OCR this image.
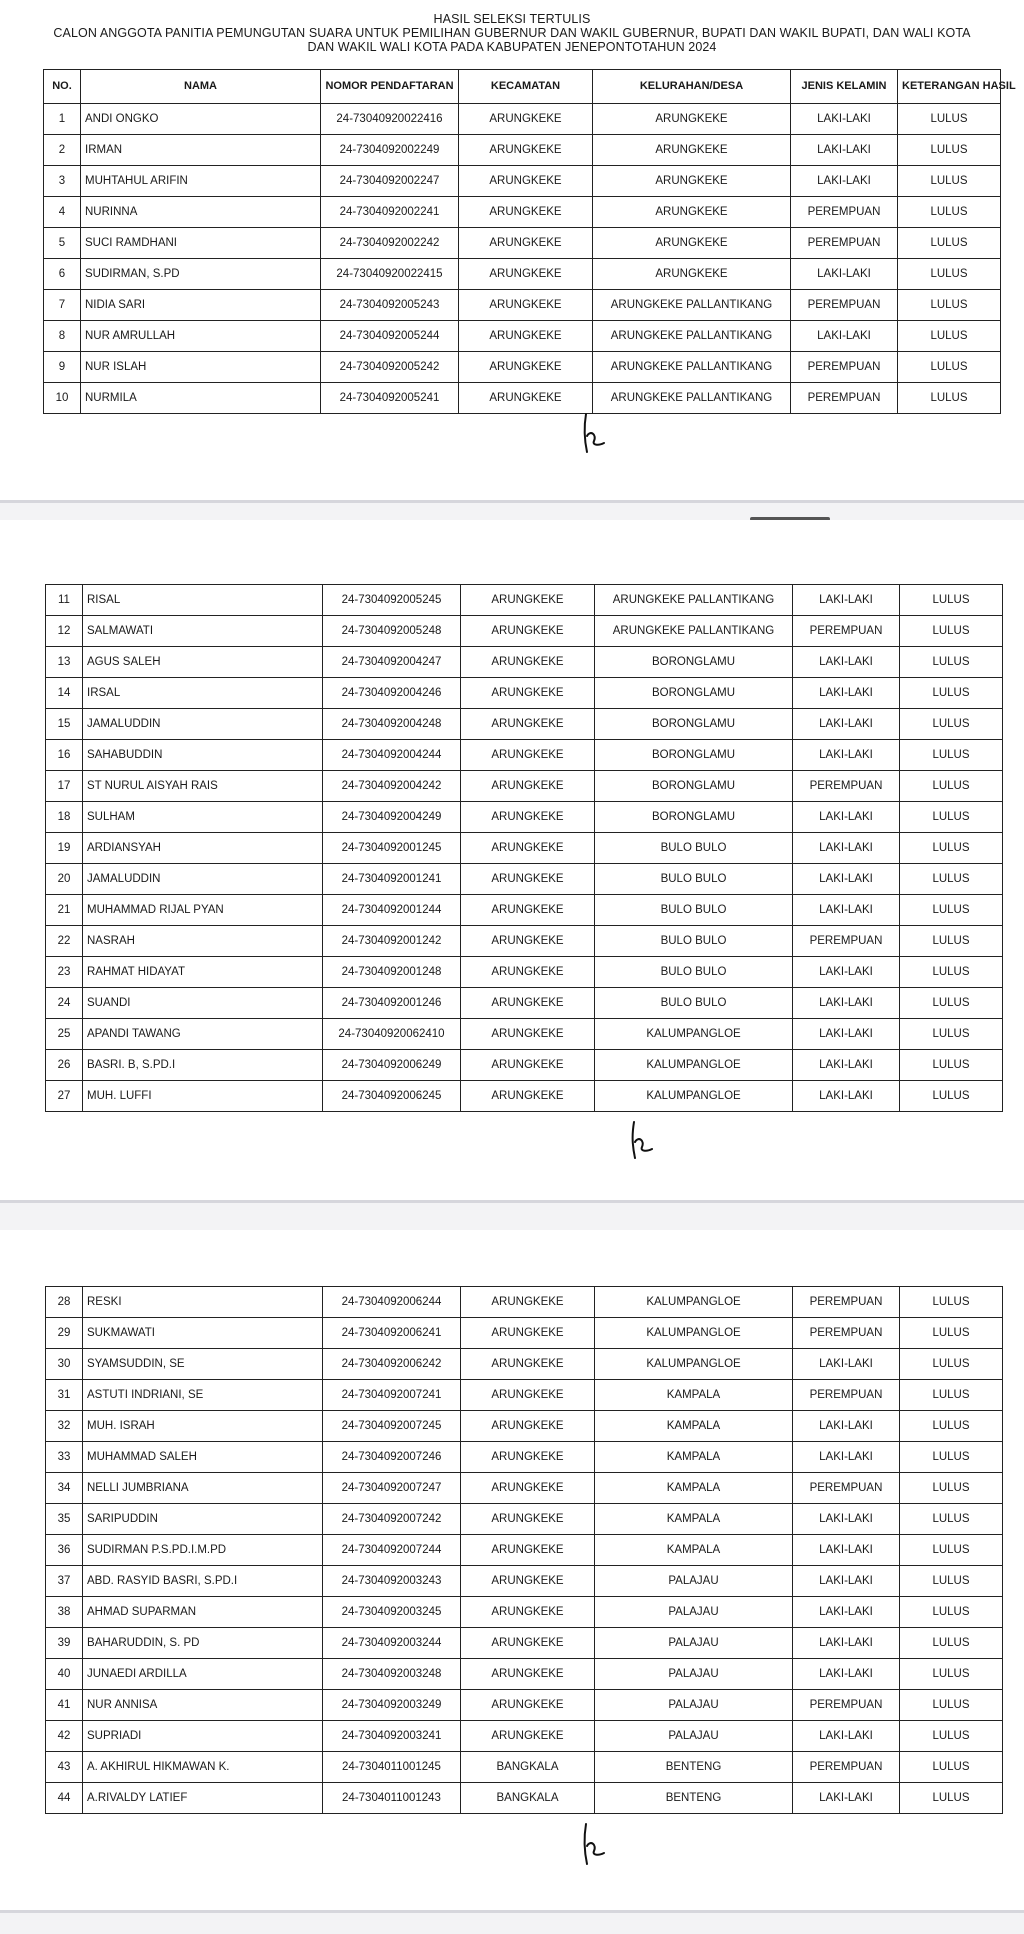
HASIL SELEKSI TERTULIS
CALON ANGGOTA PANITIA PEMUNGUTAN SUARA UNTUK PEMILIHAN GUBERNUR DAN WAKIL GUBERNUR, BUPATI DAN WAKIL BUPATI, DAN WALI KOTA
DAN WAKIL WALI KOTA PADA KABUPATEN JENEPONTOTAHUN 2024
NO.	NAMA	NOMOR PENDAFTARAN	KECAMATAN	KELURAHAN/DESA	JENIS KELAMIN	KETERANGAN HASIL
1	ANDI ONGKO	24-73040920022416	ARUNGKEKE	ARUNGKEKE	LAKI-LAKI	LULUS
2	IRMAN	24-7304092002249	ARUNGKEKE	ARUNGKEKE	LAKI-LAKI	LULUS
3	MUHTAHUL ARIFIN	24-7304092002247	ARUNGKEKE	ARUNGKEKE	LAKI-LAKI	LULUS
4	NURINNA	24-7304092002241	ARUNGKEKE	ARUNGKEKE	PEREMPUAN	LULUS
5	SUCI RAMDHANI	24-7304092002242	ARUNGKEKE	ARUNGKEKE	PEREMPUAN	LULUS
6	SUDIRMAN, S.PD	24-73040920022415	ARUNGKEKE	ARUNGKEKE	LAKI-LAKI	LULUS
7	NIDIA SARI	24-7304092005243	ARUNGKEKE	ARUNGKEKE PALLANTIKANG	PEREMPUAN	LULUS
8	NUR AMRULLAH	24-7304092005244	ARUNGKEKE	ARUNGKEKE PALLANTIKANG	LAKI-LAKI	LULUS
9	NUR ISLAH	24-7304092005242	ARUNGKEKE	ARUNGKEKE PALLANTIKANG	PEREMPUAN	LULUS
10	NURMILA	24-7304092005241	ARUNGKEKE	ARUNGKEKE PALLANTIKANG	PEREMPUAN	LULUS
11	RISAL	24-7304092005245	ARUNGKEKE	ARUNGKEKE PALLANTIKANG	LAKI-LAKI	LULUS
12	SALMAWATI	24-7304092005248	ARUNGKEKE	ARUNGKEKE PALLANTIKANG	PEREMPUAN	LULUS
13	AGUS SALEH	24-7304092004247	ARUNGKEKE	BORONGLAMU	LAKI-LAKI	LULUS
14	IRSAL	24-7304092004246	ARUNGKEKE	BORONGLAMU	LAKI-LAKI	LULUS
15	JAMALUDDIN	24-7304092004248	ARUNGKEKE	BORONGLAMU	LAKI-LAKI	LULUS
16	SAHABUDDIN	24-7304092004244	ARUNGKEKE	BORONGLAMU	LAKI-LAKI	LULUS
17	ST NURUL AISYAH RAIS	24-7304092004242	ARUNGKEKE	BORONGLAMU	PEREMPUAN	LULUS
18	SULHAM	24-7304092004249	ARUNGKEKE	BORONGLAMU	LAKI-LAKI	LULUS
19	ARDIANSYAH	24-7304092001245	ARUNGKEKE	BULO BULO	LAKI-LAKI	LULUS
20	JAMALUDDIN	24-7304092001241	ARUNGKEKE	BULO BULO	LAKI-LAKI	LULUS
21	MUHAMMAD RIJAL PYAN	24-7304092001244	ARUNGKEKE	BULO BULO	LAKI-LAKI	LULUS
22	NASRAH	24-7304092001242	ARUNGKEKE	BULO BULO	PEREMPUAN	LULUS
23	RAHMAT HIDAYAT	24-7304092001248	ARUNGKEKE	BULO BULO	LAKI-LAKI	LULUS
24	SUANDI	24-7304092001246	ARUNGKEKE	BULO BULO	LAKI-LAKI	LULUS
25	APANDI TAWANG	24-73040920062410	ARUNGKEKE	KALUMPANGLOE	LAKI-LAKI	LULUS
26	BASRI. B, S.PD.I	24-7304092006249	ARUNGKEKE	KALUMPANGLOE	LAKI-LAKI	LULUS
27	MUH. LUFFI	24-7304092006245	ARUNGKEKE	KALUMPANGLOE	LAKI-LAKI	LULUS
28	RESKI	24-7304092006244	ARUNGKEKE	KALUMPANGLOE	PEREMPUAN	LULUS
29	SUKMAWATI	24-7304092006241	ARUNGKEKE	KALUMPANGLOE	PEREMPUAN	LULUS
30	SYAMSUDDIN, SE	24-7304092006242	ARUNGKEKE	KALUMPANGLOE	LAKI-LAKI	LULUS
31	ASTUTI INDRIANI, SE	24-7304092007241	ARUNGKEKE	KAMPALA	PEREMPUAN	LULUS
32	MUH. ISRAH	24-7304092007245	ARUNGKEKE	KAMPALA	LAKI-LAKI	LULUS
33	MUHAMMAD SALEH	24-7304092007246	ARUNGKEKE	KAMPALA	LAKI-LAKI	LULUS
34	NELLI JUMBRIANA	24-7304092007247	ARUNGKEKE	KAMPALA	PEREMPUAN	LULUS
35	SARIPUDDIN	24-7304092007242	ARUNGKEKE	KAMPALA	LAKI-LAKI	LULUS
36	SUDIRMAN P.S.PD.I.M.PD	24-7304092007244	ARUNGKEKE	KAMPALA	LAKI-LAKI	LULUS
37	ABD. RASYID BASRI, S.PD.I	24-7304092003243	ARUNGKEKE	PALAJAU	LAKI-LAKI	LULUS
38	AHMAD SUPARMAN	24-7304092003245	ARUNGKEKE	PALAJAU	LAKI-LAKI	LULUS
39	BAHARUDDIN, S. PD	24-7304092003244	ARUNGKEKE	PALAJAU	LAKI-LAKI	LULUS
40	JUNAEDI ARDILLA	24-7304092003248	ARUNGKEKE	PALAJAU	LAKI-LAKI	LULUS
41	NUR ANNISA	24-7304092003249	ARUNGKEKE	PALAJAU	PEREMPUAN	LULUS
42	SUPRIADI	24-7304092003241	ARUNGKEKE	PALAJAU	LAKI-LAKI	LULUS
43	A. AKHIRUL HIKMAWAN K.	24-7304011001245	BANGKALA	BENTENG	PEREMPUAN	LULUS
44	A.RIVALDY LATIEF	24-7304011001243	BANGKALA	BENTENG	LAKI-LAKI	LULUS
